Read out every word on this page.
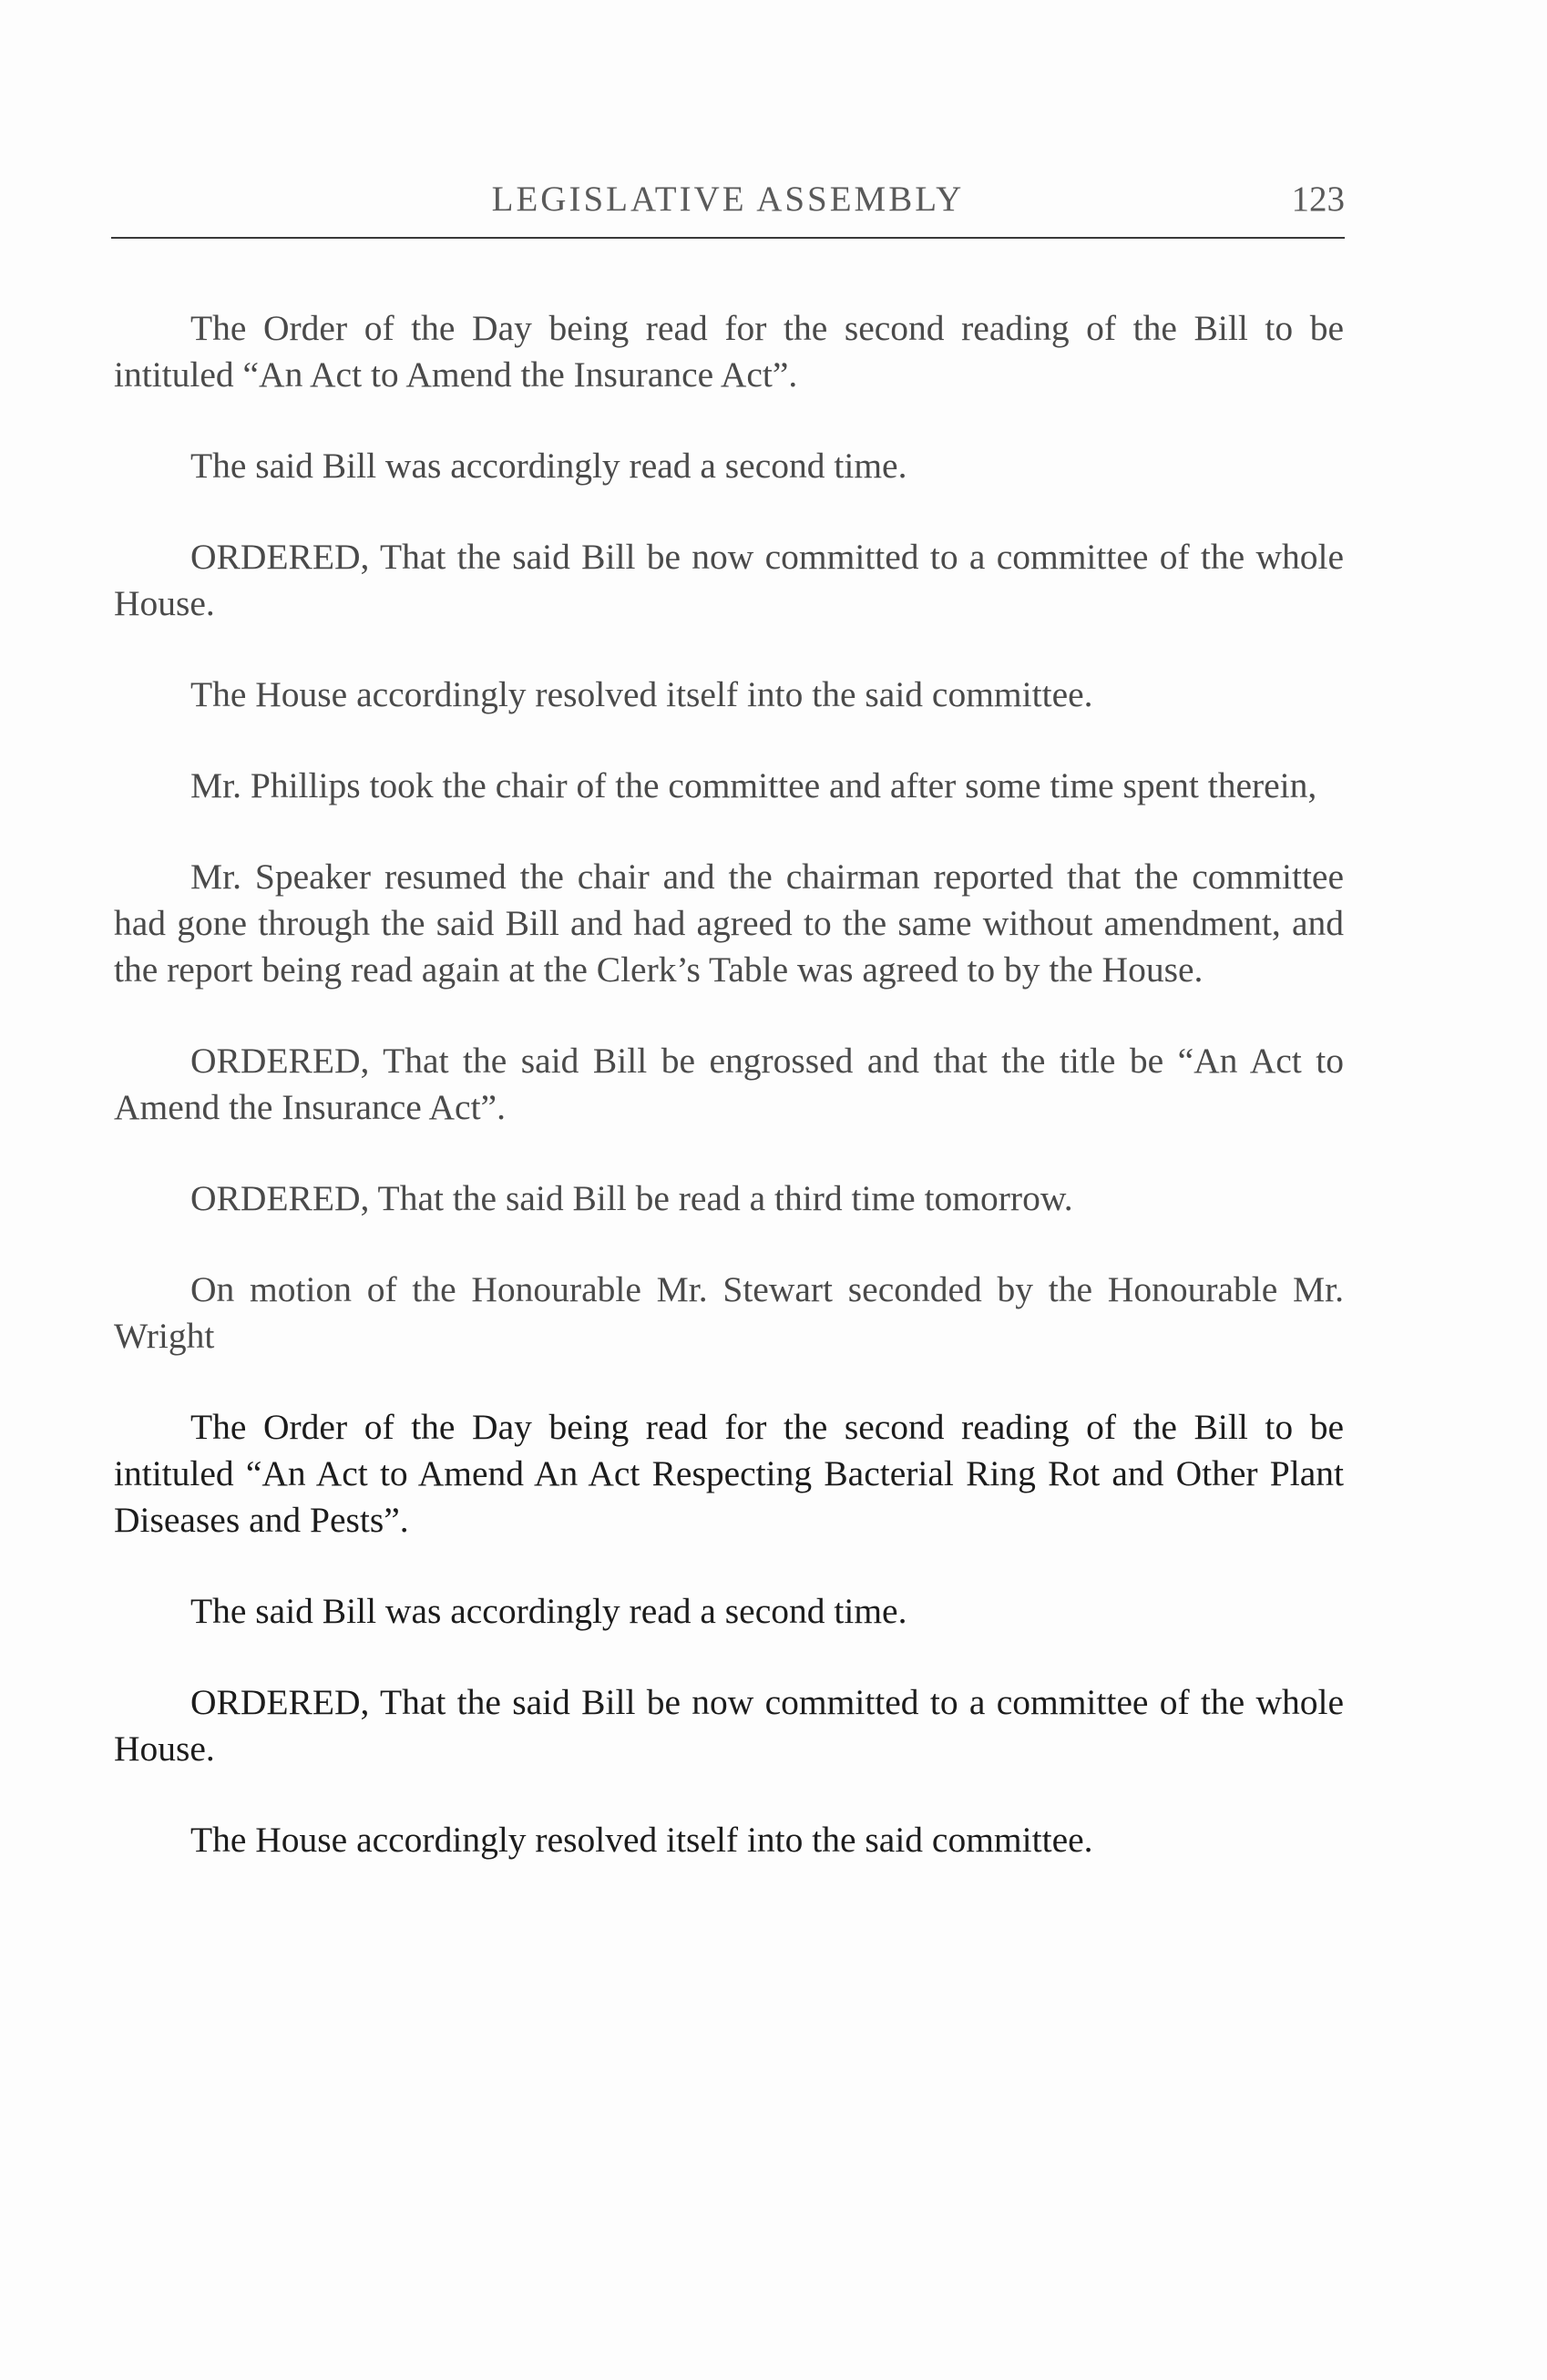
LEGISLATIVE ASSEMBLY	123

The Order of the Day being read for the second reading of the Bill to be intituled “An Act to Amend the Insurance Act”.

The said Bill was accordingly read a second time.

ORDERED, That the said Bill be now committed to a committee of the whole House.

The House accordingly resolved itself into the said committee.

Mr. Phillips took the chair of the committee and after some time spent therein,

Mr. Speaker resumed the chair and the chairman reported that the committee had gone through the said Bill and had agreed to the same without amendment, and the report being read again at the Clerk’s Table was agreed to by the House.

ORDERED, That the said Bill be engrossed and that the title be “An Act to Amend the Insurance Act”.

ORDERED, That the said Bill be read a third time tomorrow.

On motion of the Honourable Mr. Stewart seconded by the Honourable Mr. Wright

The Order of the Day being read for the second reading of the Bill to be intituled “An Act to Amend An Act Respecting Bacterial Ring Rot and Other Plant Diseases and Pests”.

The said Bill was accordingly read a second time.

ORDERED, That the said Bill be now committed to a committee of the whole House.

The House accordingly resolved itself into the said committee.
